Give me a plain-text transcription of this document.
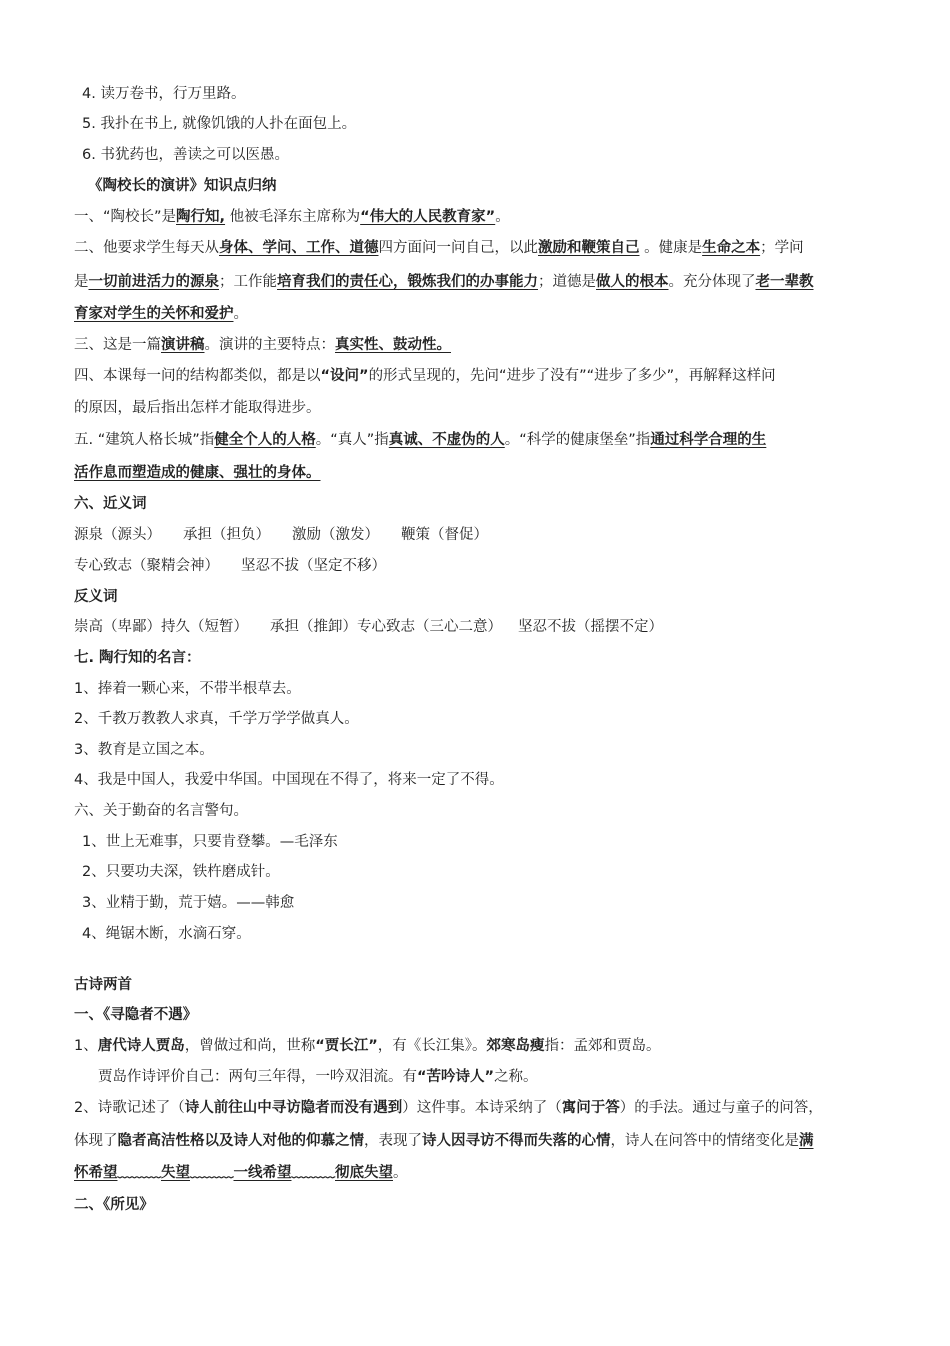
4. 读万卷书，行万里路。
5. 我扑在书上, 就像饥饿的人扑在面包上。
6. 书犹药也，善读之可以医愚。
《陶校长的演讲》知识点归纳
一、“陶校长”是陶行知, 他被毛泽东主席称为“伟大的人民教育家”。
二、他要求学生每天从身体、学问、工作、道德四方面问一问自己，以此激励和鞭策自己 。健康是生命之本；学问
是一切前进活力的源泉；工作能培育我们的责任心，锻炼我们的办事能力；道德是做人的根本。充分体现了老一辈教
育家对学生的关怀和爱护。
三、这是一篇演讲稿。演讲的主要特点：真实性、鼓动性。
四、本课每一问的结构都类似，都是以“设问”的形式呈现的，先问“进步了没有”“进步了多少”，再解释这样问
的原因，最后指出怎样才能取得进步。
五. “建筑人格长城”指健全个人的人格。“真人”指真诚、不虚伪的人。“科学的健康堡垒”指通过科学合理的生
活作息而塑造成的健康、强壮的身体。
六、近义词
源泉（源头） 承担（担负） 激励（激发） 鞭策（督促）
专心致志（聚精会神） 坚忍不拔（坚定不移）
反义词
崇高（卑鄙）持久（短暂） 承担（推卸）专心致志（三心二意） 坚忍不拔（摇摆不定）
七. 陶行知的名言：
1、捧着一颗心来，不带半根草去。
2、千教万教教人求真，千学万学学做真人。
3、教育是立国之本。
4、我是中国人，我爱中华国。中国现在不得了，将来一定了不得。
六、关于勤奋的名言警句。
1、世上无难事，只要肯登攀。—毛泽东
2、只要功夫深，铁杵磨成针。
3、业精于勤，荒于嬉。——韩愈
4、绳锯木断，水滴石穿。
古诗两首
一、《寻隐者不遇》
1、唐代诗人贾岛，曾做过和尚，世称“贾长江”，有《长江集》。郊寒岛瘦指：孟郊和贾岛。
贾岛作诗评价自己：两句三年得，一吟双泪流。有“苦吟诗人”之称。
2、诗歌记述了（诗人前往山中寻访隐者而没有遇到）这件事。本诗采纳了（寓问于答）的手法。通过与童子的问答，
体现了隐者高洁性格以及诗人对他的仰慕之情，表现了诗人因寻访不得而失落的心情，诗人在问答中的情绪变化是满
怀希望﹏﹏﹏失望﹏﹏﹏一线希望﹏﹏﹏彻底失望。
二、《所见》
